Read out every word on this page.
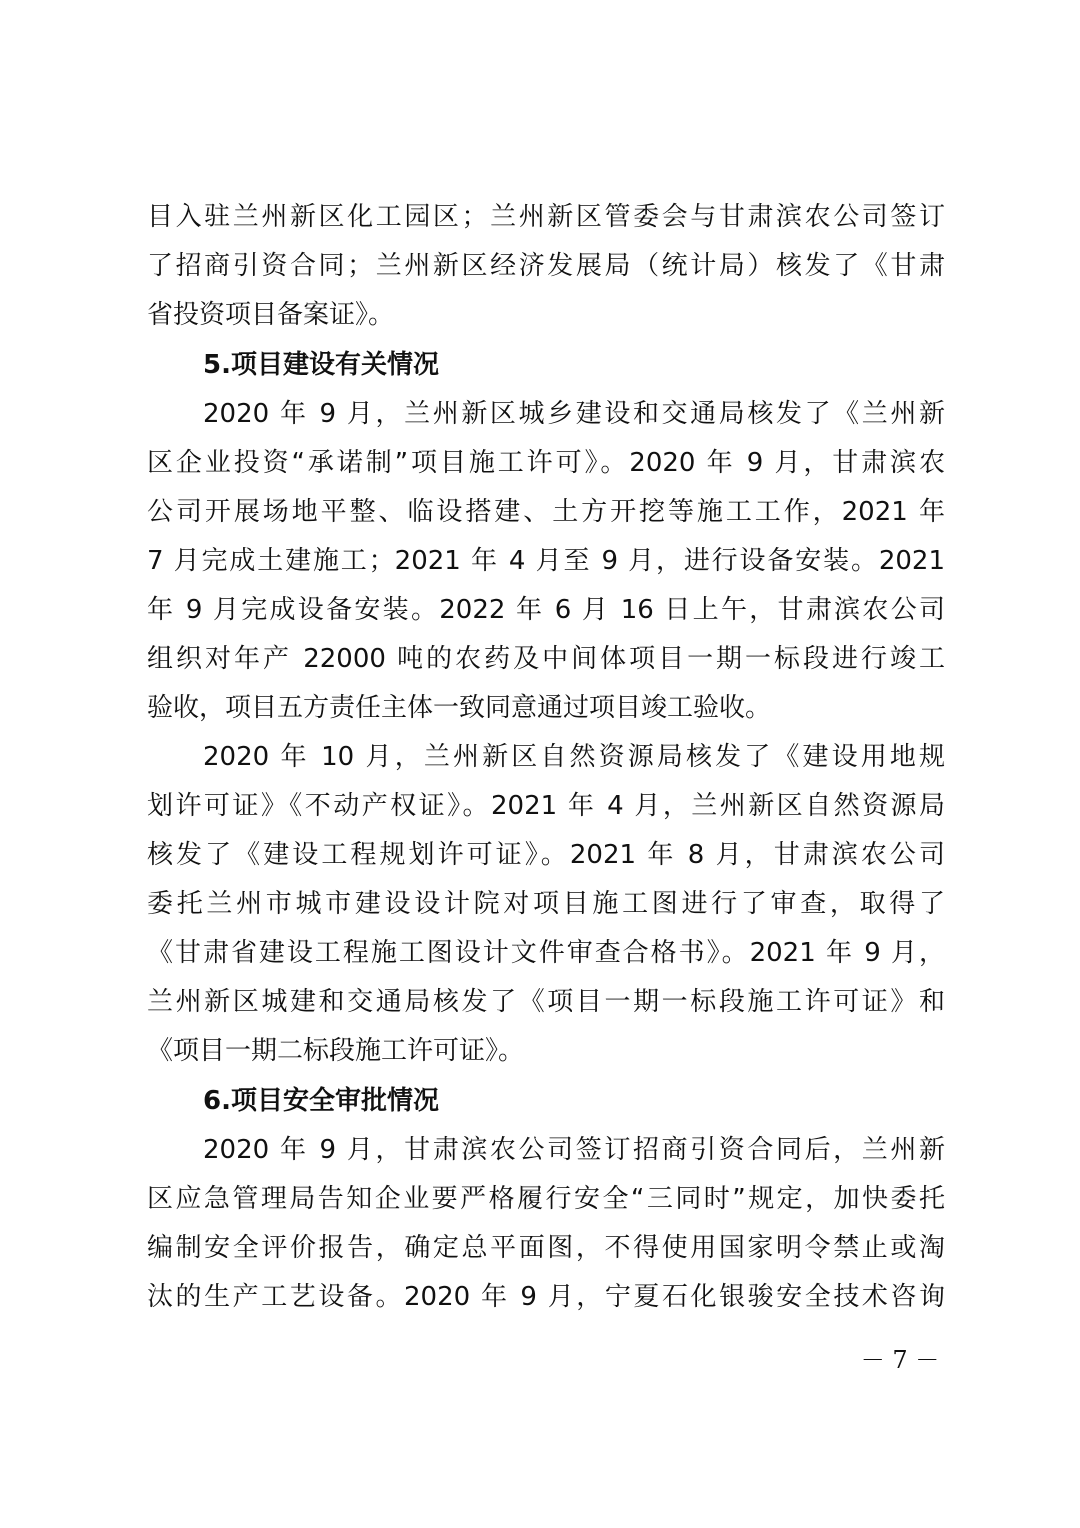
目入驻兰州新区化工园区；兰州新区管委会与甘肃滨农公司签订
了招商引资合同；兰州新区经济发展局（统计局）核发了《甘肃
省投资项目备案证》。
5.项目建设有关情况
2020 年 9 月，兰州新区城乡建设和交通局核发了《兰州新
区企业投资“承诺制”项目施工许可》。2020 年 9 月，甘肃滨农
公司开展场地平整、临设搭建、土方开挖等施工工作，2021 年
7 月完成土建施工；2021 年 4 月至 9 月，进行设备安装。2021
年 9 月完成设备安装。2022 年 6 月 16 日上午，甘肃滨农公司
组织对年产 22000 吨的农药及中间体项目一期一标段进行竣工
验收，项目五方责任主体一致同意通过项目竣工验收。
2020 年 10 月，兰州新区自然资源局核发了《建设用地规
划许可证》《不动产权证》。2021 年 4 月，兰州新区自然资源局
核发了《建设工程规划许可证》。2021 年 8 月，甘肃滨农公司
委托兰州市城市建设设计院对项目施工图进行了审查，取得了
《甘肃省建设工程施工图设计文件审查合格书》。2021 年 9 月，
兰州新区城建和交通局核发了《项目一期一标段施工许可证》和
《项目一期二标段施工许可证》。
6.项目安全审批情况
2020 年 9 月，甘肃滨农公司签订招商引资合同后，兰州新
区应急管理局告知企业要严格履行安全“三同时”规定，加快委托
编制安全评价报告，确定总平面图，不得使用国家明令禁止或淘
汰的生产工艺设备。2020 年 9 月，宁夏石化银骏安全技术咨询
－ 7 －
